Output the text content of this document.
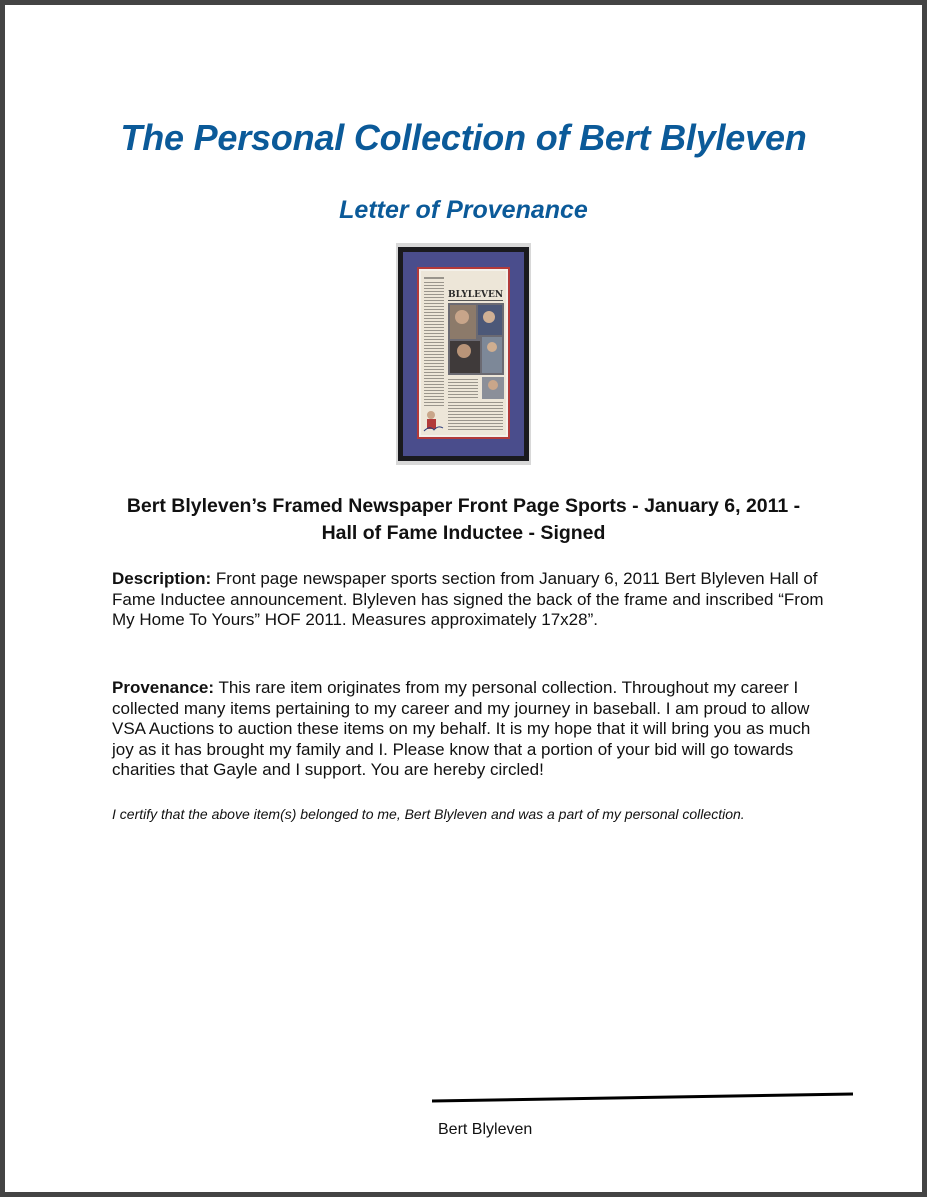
The Personal Collection of Bert Blyleven
Letter of Provenance
BLYLEVEN
Bert Blyleven’s Framed Newspaper Front Page Sports - January 6, 2011 - Hall of Fame Inductee - Signed

Description: Front page newspaper sports section from January 6, 2011 Bert Blyleven Hall of Fame Inductee announcement. Blyleven has signed the back of the frame and inscribed “From My Home To Yours” HOF 2011. Measures approximately 17x28”.

Provenance: This rare item originates from my personal collection. Throughout my career I collected many items pertaining to my career and my journey in baseball. I am proud to allow VSA Auctions to auction these items on my behalf. It is my hope that it will bring you as much joy as it has brought my family and I. Please know that a portion of your bid will go towards charities that Gayle and I support. You are hereby circled!

I certify that the above item(s) belonged to me, Bert Blyleven and was a part of my personal collection.

Bert Blyleven
